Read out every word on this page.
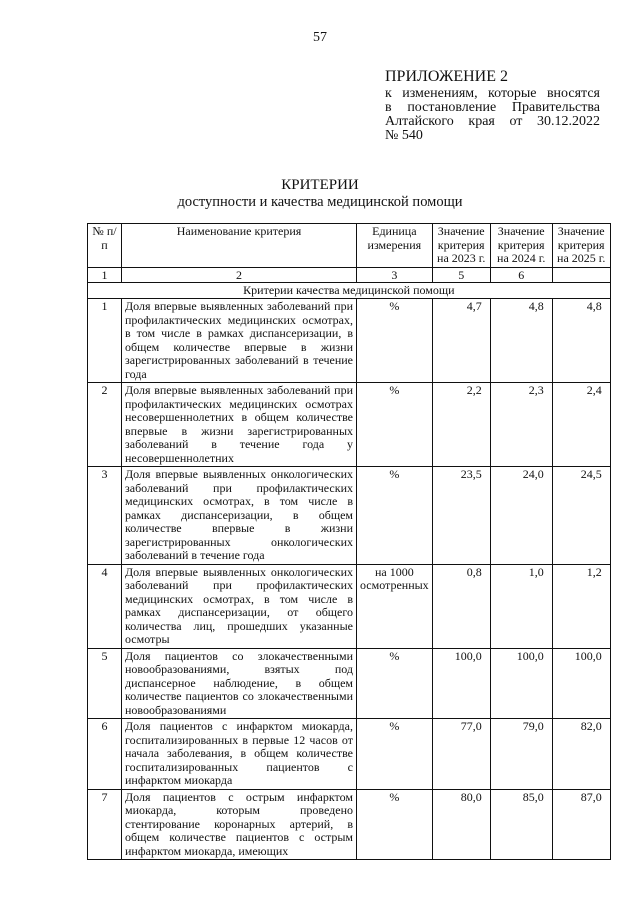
57
ПРИЛОЖЕНИЕ 2
к изменениям, которые вносятся
в постановление Правительства
Алтайского края от 30.12.2022
№ 540
КРИТЕРИИ
доступности и качества медицинской помощи
№ п/п	Наименование критерия	Единица измерения	Значение критерия на 2023 г.	Значение критерия на 2024 г.	Значение критерия на 2025 г.
1	2	3	5	6	
Критерии качества медицинской помощи					
1	Доля впервые выявленных заболеваний при профилактических медицинских осмотрах, в том числе в рамках диспансеризации, в общем количестве впервые в жизни зарегистрированных заболеваний в течение года	%	4,7	4,8	4,8
2	Доля впервые выявленных заболеваний при профилактических медицинских осмотрах несовершеннолетних в общем количестве впервые в жизни зарегистрированных заболеваний в течение года у несовершеннолетних	%	2,2	2,3	2,4
3	Доля впервые выявленных онкологических заболеваний при профилактических медицинских осмотрах, в том числе в рамках диспансеризации, в общем количестве впервые в жизни зарегистрированных онкологических заболеваний в течение года	%	23,5	24,0	24,5
4	Доля впервые выявленных онкологических заболеваний при профилактических медицинских осмотрах, в том числе в рамках диспансеризации, от общего количества лиц, прошедших указанные осмотры	на 1000 осмотренных	0,8	1,0	1,2
5	Доля пациентов со злокачественными новообразованиями, взятых под диспансерное наблюдение, в общем количестве пациентов со злокачественными новообразованиями	%	100,0	100,0	100,0
6	Доля пациентов с инфарктом миокарда, госпитализированных в первые 12 часов от начала заболевания, в общем количестве госпитализированных пациентов с инфарктом миокарда	%	77,0	79,0	82,0
7	Доля пациентов с острым инфарктом миокарда, которым проведено стентирование коронарных артерий, в общем количестве пациентов с острым инфарктом миокарда, имеющих	%	80,0	85,0	87,0
